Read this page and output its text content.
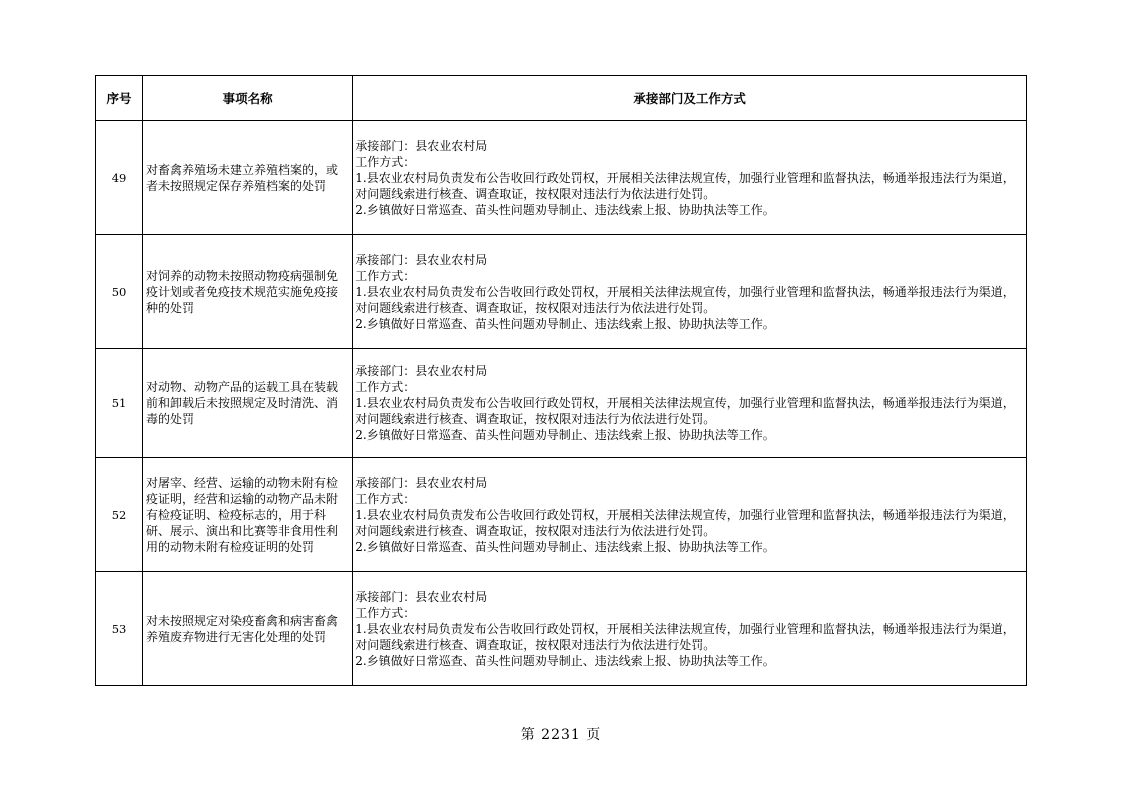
序号	事项名称	承接部门及工作方式
49	对畜禽养殖场未建立养殖档案的，或者未按照规定保存养殖档案的处罚	承接部门：县农业农村局
工作方式：
1.县农业农村局负责发布公告收回行政处罚权，开展相关法律法规宣传，加强行业管理和监督执法，畅通举报违法行为渠道，对问题线索进行核查、调查取证，按权限对违法行为依法进行处罚。
2.乡镇做好日常巡查、苗头性问题劝导制止、违法线索上报、协助执法等工作。

50	对饲养的动物未按照动物疫病强制免疫计划或者免疫技术规范实施免疫接种的处罚	承接部门：县农业农村局
工作方式：
1.县农业农村局负责发布公告收回行政处罚权，开展相关法律法规宣传，加强行业管理和监督执法，畅通举报违法行为渠道，对问题线索进行核查、调查取证，按权限对违法行为依法进行处罚。
2.乡镇做好日常巡查、苗头性问题劝导制止、违法线索上报、协助执法等工作。

51	对动物、动物产品的运载工具在装载前和卸载后未按照规定及时清洗、消毒的处罚	承接部门：县农业农村局
工作方式：
1.县农业农村局负责发布公告收回行政处罚权，开展相关法律法规宣传，加强行业管理和监督执法，畅通举报违法行为渠道，对问题线索进行核查、调查取证，按权限对违法行为依法进行处罚。
2.乡镇做好日常巡查、苗头性问题劝导制止、违法线索上报、协助执法等工作。

52	对屠宰、经营、运输的动物未附有检疫证明，经营和运输的动物产品未附有检疫证明、检疫标志的，用于科研、展示、演出和比赛等非食用性利用的动物未附有检疫证明的处罚	承接部门：县农业农村局
工作方式：
1.县农业农村局负责发布公告收回行政处罚权，开展相关法律法规宣传，加强行业管理和监督执法，畅通举报违法行为渠道，对问题线索进行核查、调查取证，按权限对违法行为依法进行处罚。
2.乡镇做好日常巡查、苗头性问题劝导制止、违法线索上报、协助执法等工作。

53	对未按照规定对染疫畜禽和病害畜禽养殖废弃物进行无害化处理的处罚	承接部门：县农业农村局
工作方式：
1.县农业农村局负责发布公告收回行政处罚权，开展相关法律法规宣传，加强行业管理和监督执法，畅通举报违法行为渠道，对问题线索进行核查、调查取证，按权限对违法行为依法进行处罚。
2.乡镇做好日常巡查、苗头性问题劝导制止、违法线索上报、协助执法等工作。
第 2231 页
